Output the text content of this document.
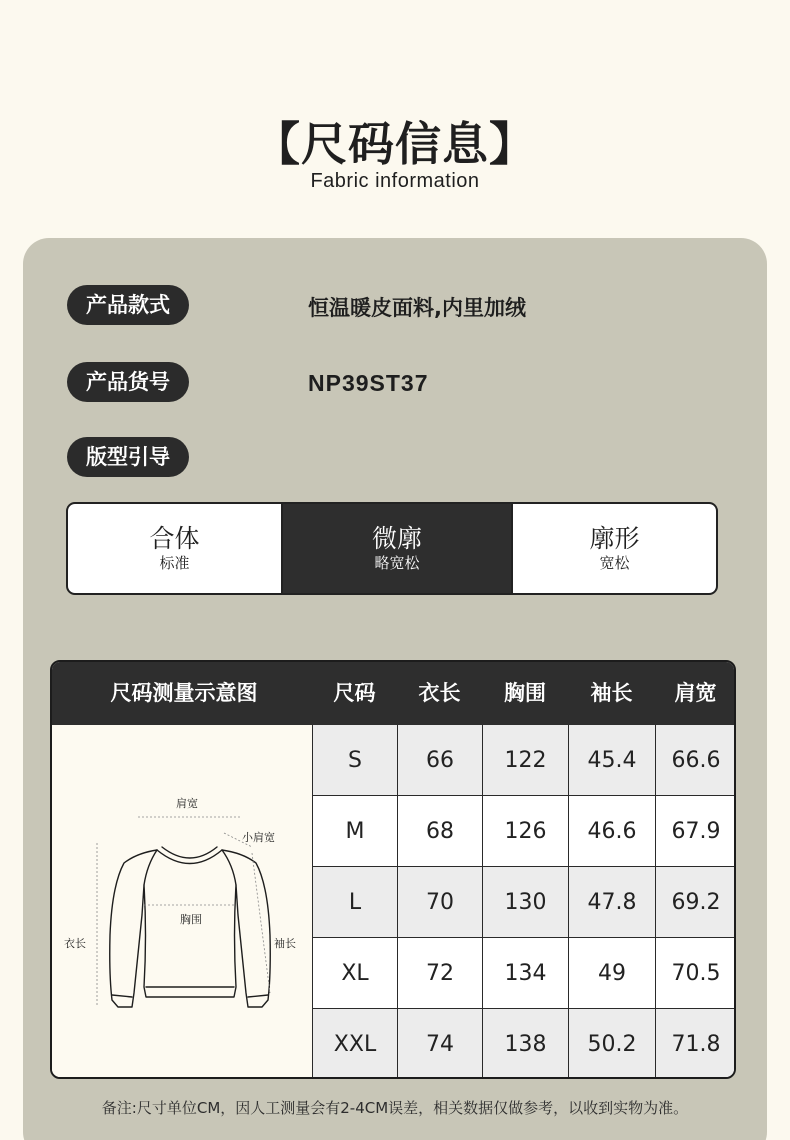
【尺码信息】
Fabric information
产品款式	恒温暖皮面料,内里加绒
产品货号	NP39ST37
版型引导
合体
标准
微廓
略宽松
廓形
宽松
尺码测量示意图	尺码	衣长	胸围	袖长	肩宽
肩宽
小肩宽
胸围
衣长	袖长
S	66	122	45.4	66.6
M	68	126	46.6	67.9
L	70	130	47.8	69.2
XL	72	134	49	70.5
XXL	74	138	50.2	71.8
备注:尺寸单位CM，因人工测量会有2-4CM误差，相关数据仅做参考，以收到实物为准。
